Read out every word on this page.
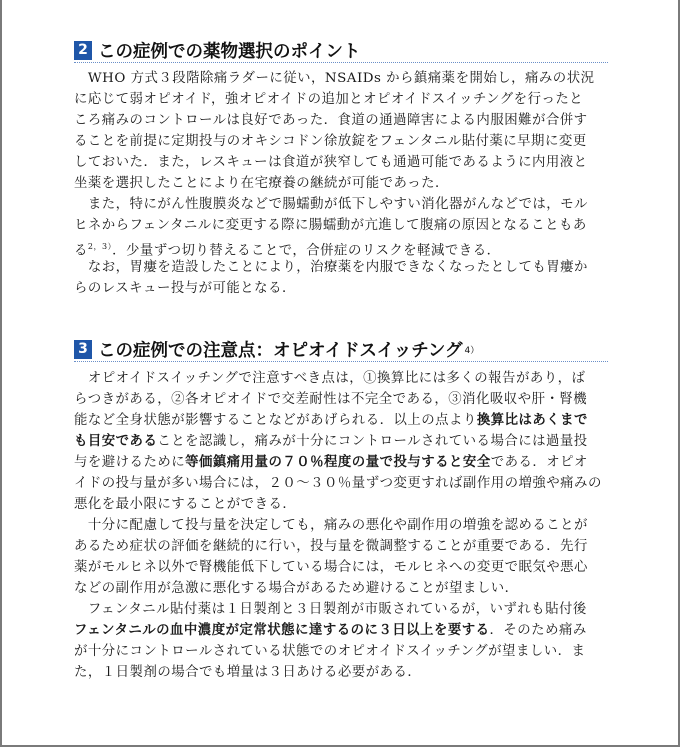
2 この症例での薬物選択のポイント
　WHO 方式３段階除痛ラダーに従い，NSAIDs から鎮痛薬を開始し，痛みの状況
に応じて弱オピオイド，強オピオイドの追加とオピオイドスイッチングを行ったと
ころ痛みのコントロールは良好であった．食道の通過障害による内服困難が合併す
ることを前提に定期投与のオキシコドン徐放錠をフェンタニル貼付薬に早期に変更
しておいた．また，レスキューは食道が狭窄しても通過可能であるように内用液と
坐薬を選択したことにより在宅療養の継続が可能であった．
　また，特にがん性腹膜炎などで腸蠕動が低下しやすい消化器がんなどでは，モル
ヒネからフェンタニルに変更する際に腸蠕動が亢進して腹痛の原因となることもあ
る$^{2,3)}$．少量ずつ切り替えることで，合併症のリスクを軽減できる．
　なお，胃瘻を造設したことにより，治療薬を内服できなくなったとしても胃瘻か
らのレスキュー投与が可能となる．
3 この症例での注意点：オピオイドスイッチング 4）
　オピオイドスイッチングで注意すべき点は，①換算比には多くの報告があり，ば
らつきがある，②各オピオイドで交差耐性は不完全である，③消化吸収や肝・腎機
能など全身状態が影響することなどがあげられる．以上の点より換算比はあくまで
も目安であることを認識し，痛みが十分にコントロールされている場合には過量投
与を避けるために等価鎮痛用量の７０％程度の量で投与すると安全である．オピオ
イドの投与量が多い場合には，２０～３０％量ずつ変更すれば副作用の増強や痛みの
悪化を最小限にすることができる．
　十分に配慮して投与量を決定しても，痛みの悪化や副作用の増強を認めることが
あるため症状の評価を継続的に行い，投与量を微調整することが重要である．先行
薬がモルヒネ以外で腎機能低下している場合には，モルヒネへの変更で眠気や悪心
などの副作用が急激に悪化する場合があるため避けることが望ましい．
　フェンタニル貼付薬は１日製剤と３日製剤が市販されているが，いずれも貼付後
フェンタニルの血中濃度が定常状態に達するのに３日以上を要する．そのため痛み
が十分にコントロールされている状態でのオピオイドスイッチングが望ましい．ま
た，１日製剤の場合でも増量は３日あける必要がある．
